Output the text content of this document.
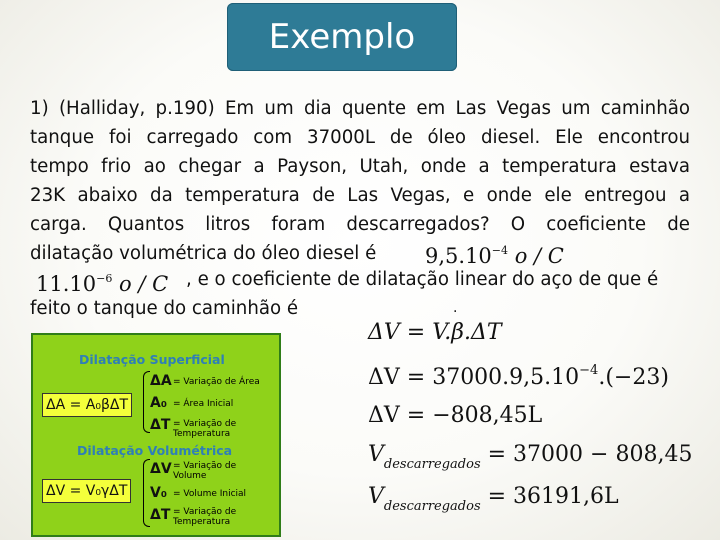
Exemplo
1) (Halliday, p.190) Em um dia quente em Las Vegas um caminhão
tanque foi carregado com 37000L de óleo diesel. Ele encontrou
tempo frio ao chegar a Payson, Utah, onde a temperatura estava
23K abaixo da temperatura de Las Vegas, e onde ele entregou a
carga. Quantos litros foram descarregados? O coeficiente de
dilatação volumétrica do óleo diesel é	$9,5.10^{-4}$ o / C
$11.10^{-6}$ o / C , e o coeficiente de dilatação linear do aço de que é
feito o tanque do caminhão é	.
Dilatação Superficial
ΔA = A₀βΔT
ΔA = Variação de Área
A₀ = Área Inicial
ΔT = Variação de Temperatura
Dilatação Volumétrica
ΔV = V₀γΔT
ΔV = Variação de Volume
V₀ = Volume Inicial
ΔT = Variação de Temperatura
ΔV = V.β.ΔT
$\Delta V = 37000.9,5.10^{-4}.(-23)$
ΔV = −808,45L
$V_{descarregados} = 37000 - 808,45$
$V_{descarregados} = 36191,6L$
